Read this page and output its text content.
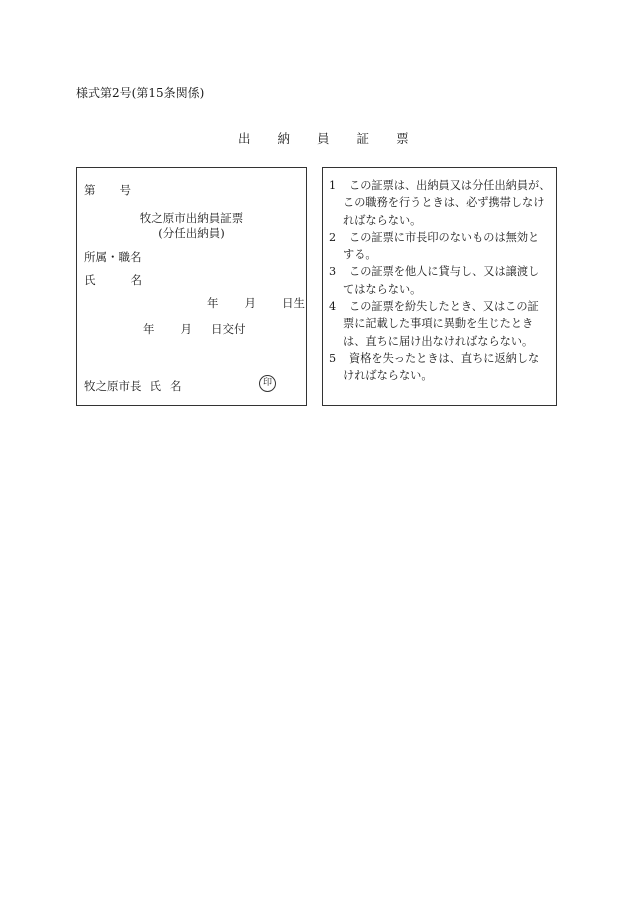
様式第2号(第15条関係)
出 納 員 証 票
第 号
牧之原市出納員証票
(分任出納員)
所属・職名
氏	名
年 月 日生
年 月 日交付
牧之原市長 氏 名	印
1	この証票は、出納員又は分任出納員が、
この職務を行うときは、必ず携帯しなけ
ればならない。
2	この証票に市長印のないものは無効と
する。
3	この証票を他人に貸与し、又は譲渡し
てはならない。
4	この証票を紛失したとき、又はこの証
票に記載した事項に異動を生じたとき
は、直ちに届け出なければならない。
5	資格を失ったときは、直ちに返納しな
ければならない。
